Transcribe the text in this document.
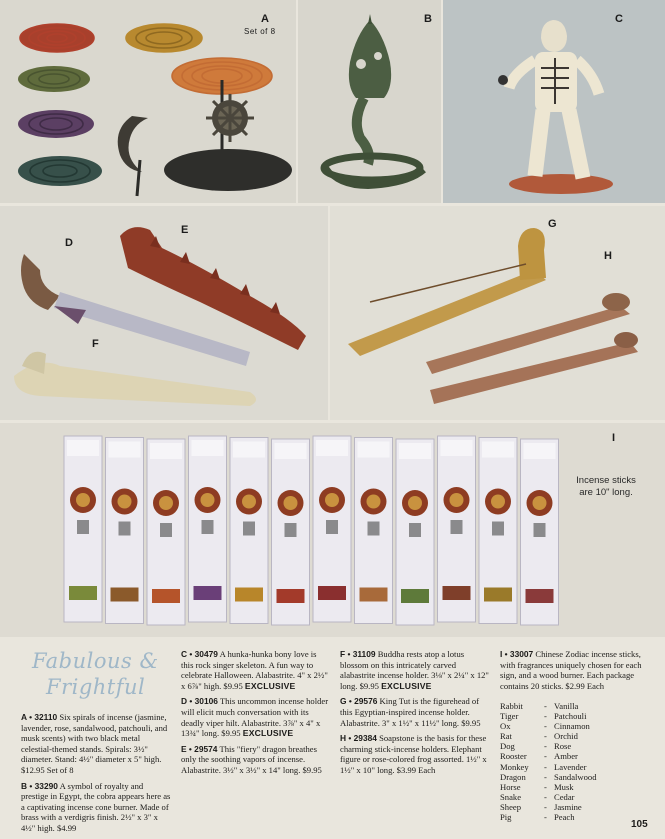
A
Set of 8
B	C
D
E
F
G
H
I
Incense sticks are 10" long.
Fabulous &
Frightful

A • 32110 Six spirals of incense (jasmine, lavender, rose, sandalwood, patchouli, and musk scents) with two black metal celestial-themed stands. Spirals: 3½" diameter. Stand: 4½" diameter x 5" high. $12.95 Set of 8

B • 33290 A symbol of royalty and prestige in Egypt, the cobra appears here as a captivating incense cone burner. Made of brass with a verdigris finish. 2½" x 3" x 4½" high. $4.99

C • 30479 A hunka-hunka bony love is this rock singer skeleton. A fun way to celebrate Halloween. Alabastrite. 4" x 2½" x 6⅞" high. $9.95 EXCLUSIVE

D • 30106 This uncommon incense holder will elicit much conversation with its deadly viper hilt. Alabastrite. 3⅞" x 4" x 13¾" long. $9.95 EXCLUSIVE

E • 29574 This "fiery" dragon breathes only the soothing vapors of incense. Alabastrite. 3½" x 3½" x 14" long. $9.95

F • 31109 Buddha rests atop a lotus blossom on this intricately carved alabastrite incense holder. 3⅛" x 2¼" x 12" long. $9.95 EXCLUSIVE

G • 29576 King Tut is the figurehead of this Egyptian-inspired incense holder. Alabastrite. 3" x 1½" x 11½" long. $9.95

H • 29384 Soapstone is the basis for these charming stick-incense holders. Elephant figure or rose-colored frog assorted. 1½" x 1½" x 10" long. $3.99 Each

I • 33007 Chinese Zodiac incense sticks, with fragrances uniquely chosen for each sign, and a wood burner. Each package contains 20 sticks. $2.99 Each

Rabbit	- Vanilla
Tiger	- Patchouli
Ox	- Cinnamon
Rat	- Orchid
Dog	- Rose
Rooster	- Amber
Monkey	- Lavender
Dragon	- Sandalwood
Horse	- Musk
Snake	- Cedar
Sheep	- Jasmine
Pig	- Peach
105
